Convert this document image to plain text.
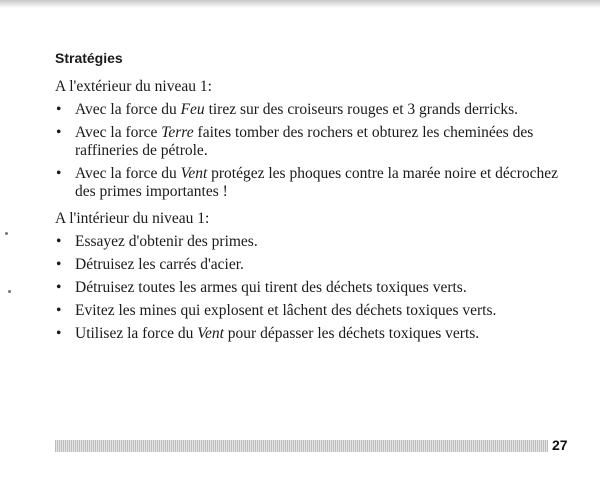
Stratégies

A l'extérieur du niveau 1:

• Avec la force du Feu tirez sur des croiseurs rouges et 3 grands derricks.
• Avec la force Terre faites tomber des rochers et obturez les cheminées des raffineries de pétrole.
• Avec la force du Vent protégez les phoques contre la marée noire et décrochez des primes importantes !

A l'intérieur du niveau 1:

• Essayez d'obtenir des primes.
• Détruisez les carrés d'acier.
• Détruisez toutes les armes qui tirent des déchets toxiques verts.
• Evitez les mines qui explosent et lâchent des déchets toxiques verts.
• Utilisez la force du Vent pour dépasser les déchets toxiques verts.
27
